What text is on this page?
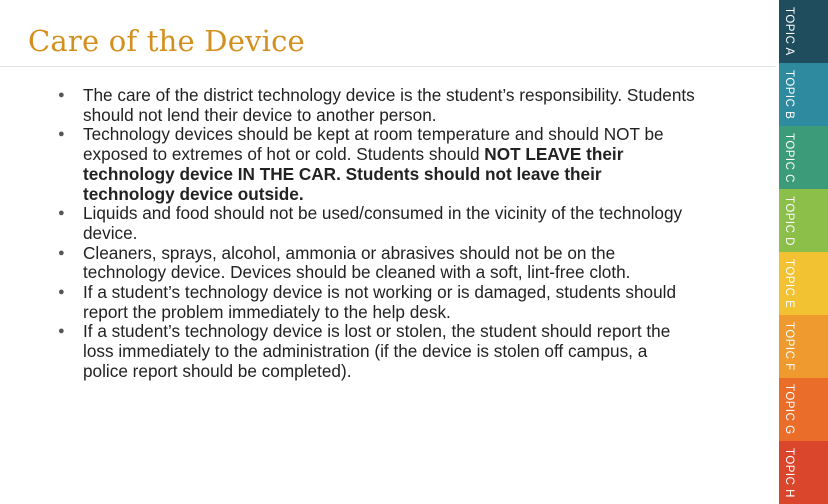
Care of the Device
● The care of the district technology device is the student’s responsibility. Students should not lend their device to another person.
● Technology devices should be kept at room temperature and should NOT be exposed to extremes of hot or cold. Students should NOT LEAVE their technology device IN THE CAR. Students should not leave their technology device outside.
● Liquids and food should not be used/consumed in the vicinity of the technology device.
● Cleaners, sprays, alcohol, ammonia or abrasives should not be on the technology device. Devices should be cleaned with a soft, lint-free cloth.
● If a student’s technology device is not working or is damaged, students should report the problem immediately to the help desk.
● If a student’s technology device is lost or stolen, the student should report the loss immediately to the administration (if the device is stolen off campus, a police report should be completed).
TOPIC A
TOPIC B
TOPIC C
TOPIC D
TOPIC E
TOPIC F
TOPIC G
TOPIC H
